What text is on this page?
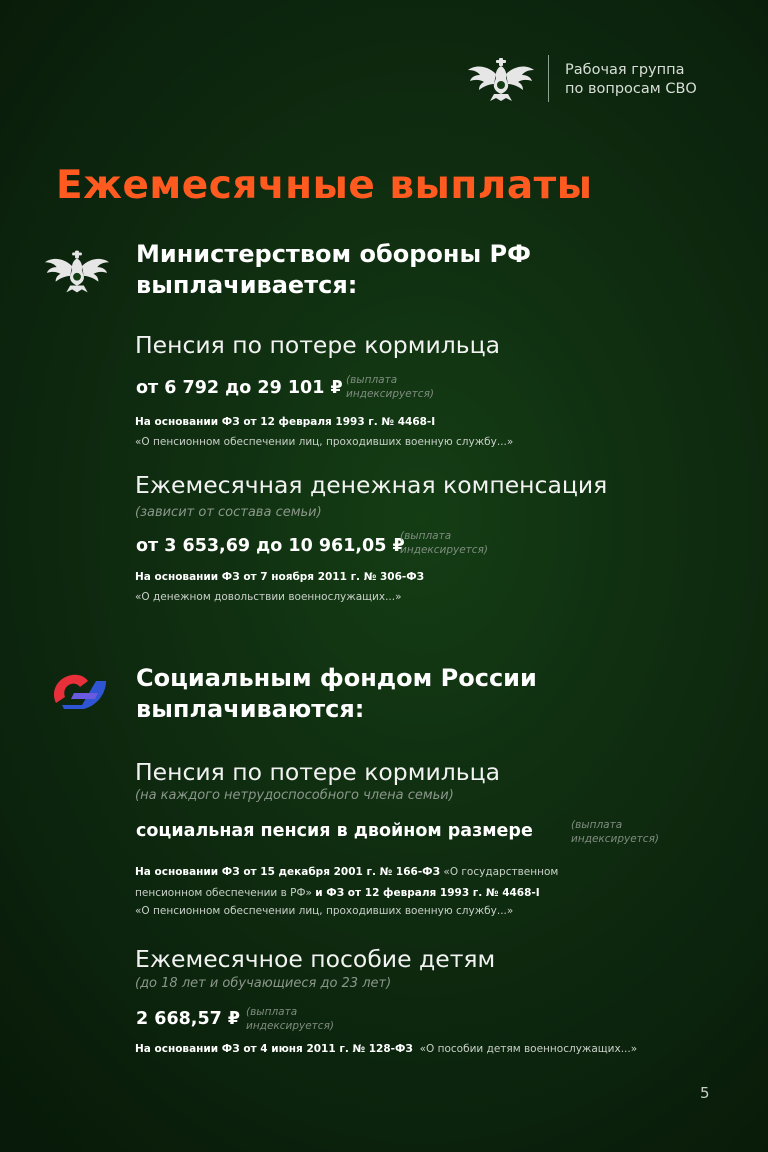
Рабочая группа
по вопросам СВО
Ежемесячные выплаты
Министерством обороны РФ
выплачивается:
Пенсия по потере кормильца
от 6 792 до 29 101 ₽ (выплата
индексируется)
На основании ФЗ от 12 февраля 1993 г. № 4468-I
«О пенсионном обеспечении лиц, проходивших военную службу...»
Ежемесячная денежная компенсация
(зависит от состава семьи)
от 3 653,69 до 10 961,05 ₽
(выплата
индексируется)
На основании ФЗ от 7 ноября 2011 г. № 306-ФЗ
«О денежном довольствии военнослужащих...»
Социальным фондом России
выплачиваются:
Пенсия по потере кормильца
(на каждого нетрудоспособного члена семьи)
социальная пенсия в двойном размере	(выплата
индексируется)
На основании ФЗ от 15 декабря 2001 г. № 166-ФЗ «О государственном
пенсионном обеспечении в РФ» и ФЗ от 12 февраля 1993 г. № 4468-I
«О пенсионном обеспечении лиц, проходивших военную службу...»
Ежемесячное пособие детям
(до 18 лет и обучающиеся до 23 лет)
2 668,57 ₽ (выплата
индексируется)
На основании ФЗ от 4 июня 2011 г. № 128-ФЗ «О пособии детям военнослужащих...»
5
